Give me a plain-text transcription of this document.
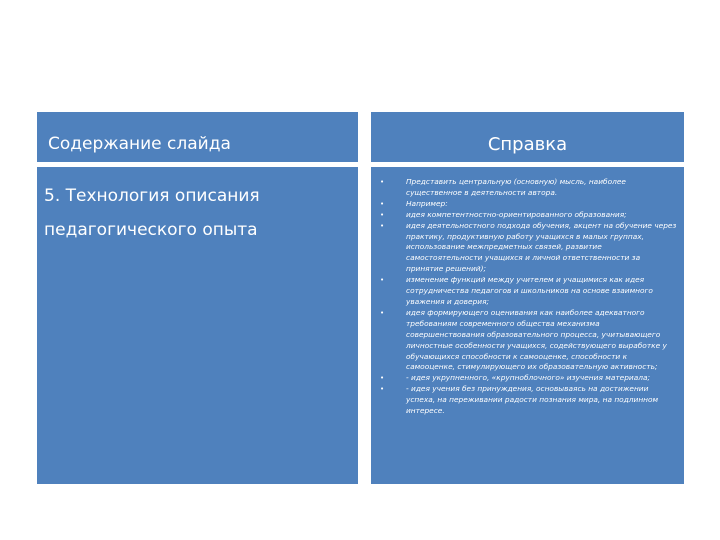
Содержание слайда	Справка

5. Технология описания

педагогического опыта

•	Представить центральную (основную) мысль, наиболее существенное в деятельности автора.
•	Например:
•	идея компетентностно-ориентированного образования;
•	идея деятельностного подхода обучения, акцент на обучение через практику, продуктивную работу учащихся в малых группах, использование межпредметных связей, развитие самостоятельности учащихся и личной ответственности за принятие решений);
•	изменение функций между учителем и учащимися как идея сотрудничества педагогов и школьников на основе взаимного уважения и доверия;
•	идея формирующего оценивания как наиболее адекватного требованиям современного общества механизма совершенствования образовательного процесса, учитывающего личностные особенности учащихся, содействующего выработке у обучающихся способности к самооценке, способности к самооценке, стимулирующего их образовательную активность;
•	- идея укрупненного, «крупноблочного» изучения материала;
•	- идея учения без принуждения, основываясь на достижении успеха, на переживании радости познания мира, на подлинном интересе.
